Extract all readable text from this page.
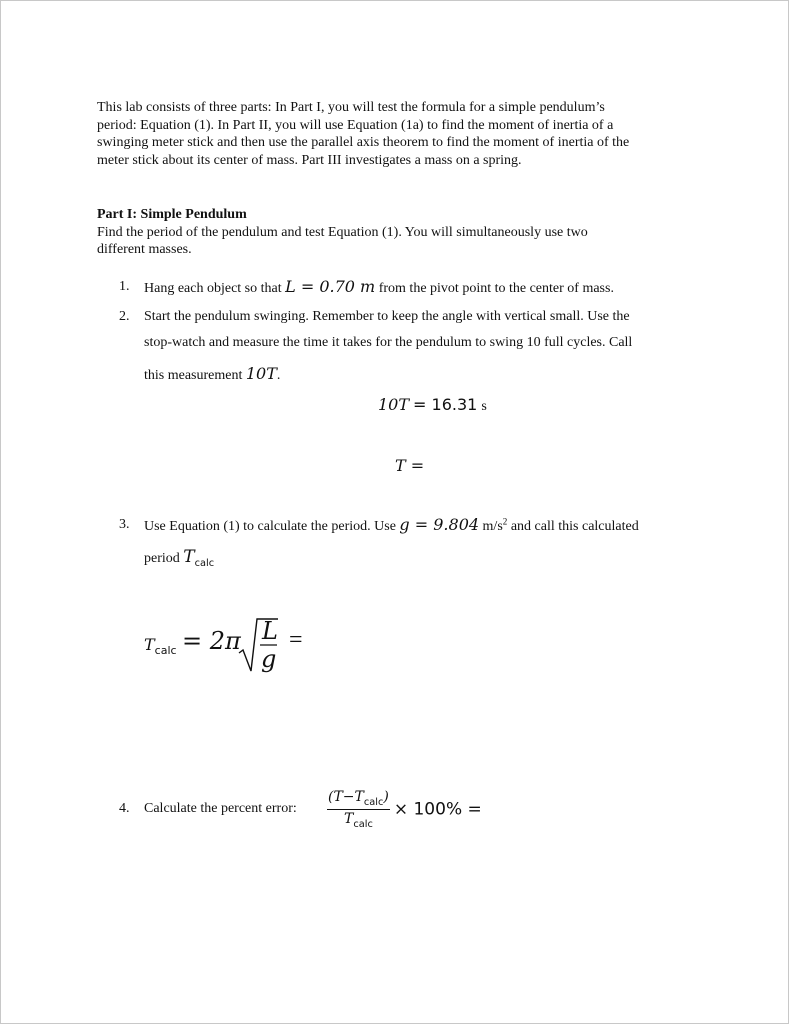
This lab consists of three parts: In Part I, you will test the formula for a simple pendulum’s
period: Equation (1). In Part II, you will use Equation (1a) to find the moment of inertia of a
swinging meter stick and then use the parallel axis theorem to find the moment of inertia of the
meter stick about its center of mass. Part III investigates a mass on a spring.
Part I: Simple Pendulum
Find the period of the pendulum and test Equation (1). You will simultaneously use two
different masses.
1. Hang each object so that L = 0.70 m from the pivot point to the center of mass.
2. Start the pendulum swinging. Remember to keep the angle with vertical small. Use the
stop-watch and measure the time it takes for the pendulum to swing 10 full cycles. Call
this measurement 10T.
10T = 16.31 s
T =
3. Use Equation (1) to calculate the period. Use g = 9.804 $m/s^2$ and call this calculated
period $T_{calc}$
$T_{calc} = 2\pi$ L
g
=
4. Calculate the percent error: $\frac{(T-T_{calc})}{T_{calc}} \times 100\%$ =
